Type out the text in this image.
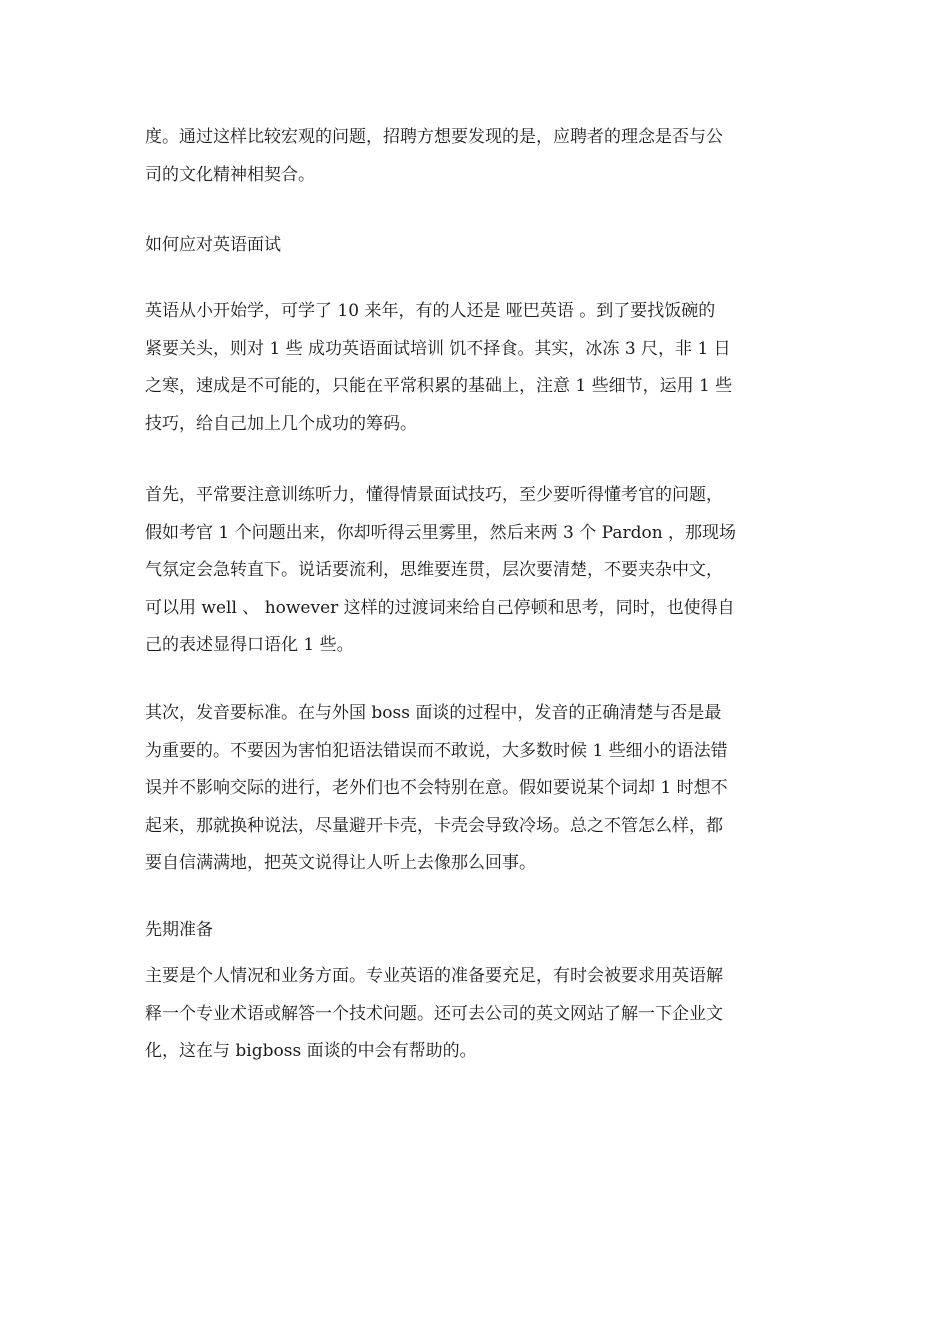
度。通过这样比较宏观的问题，招聘方想要发现的是，应聘者的理念是否与公
司的文化精神相契合。
如何应对英语面试
英语从小开始学，可学了 10 来年，有的人还是 哑巴英语 。到了要找饭碗的
紧要关头，则对 1 些 成功英语面试培训 饥不择食。其实，冰冻 3 尺，非 1 日
之寒，速成是不可能的，只能在平常积累的基础上，注意 1 些细节，运用 1 些
技巧，给自己加上几个成功的筹码。
首先，平常要注意训练听力，懂得情景面试技巧，至少要听得懂考官的问题，
假如考官 1 个问题出来，你却听得云里雾里，然后来两 3 个 Pardon ，那现场
气氛定会急转直下。说话要流利，思维要连贯，层次要清楚，不要夹杂中文，
可以用 well 、 however 这样的过渡词来给自己停顿和思考，同时，也使得自
己的表述显得口语化 1 些。
其次，发音要标准。在与外国 boss 面谈的过程中，发音的正确清楚与否是最
为重要的。不要因为害怕犯语法错误而不敢说，大多数时候 1 些细小的语法错
误并不影响交际的进行，老外们也不会特别在意。假如要说某个词却 1 时想不
起来，那就换种说法，尽量避开卡壳，卡壳会导致冷场。总之不管怎么样，都
要自信满满地，把英文说得让人听上去像那么回事。
先期准备
主要是个人情况和业务方面。专业英语的准备要充足，有时会被要求用英语解
释一个专业术语或解答一个技术问题。还可去公司的英文网站了解一下企业文
化，这在与 bigboss 面谈的中会有帮助的。
